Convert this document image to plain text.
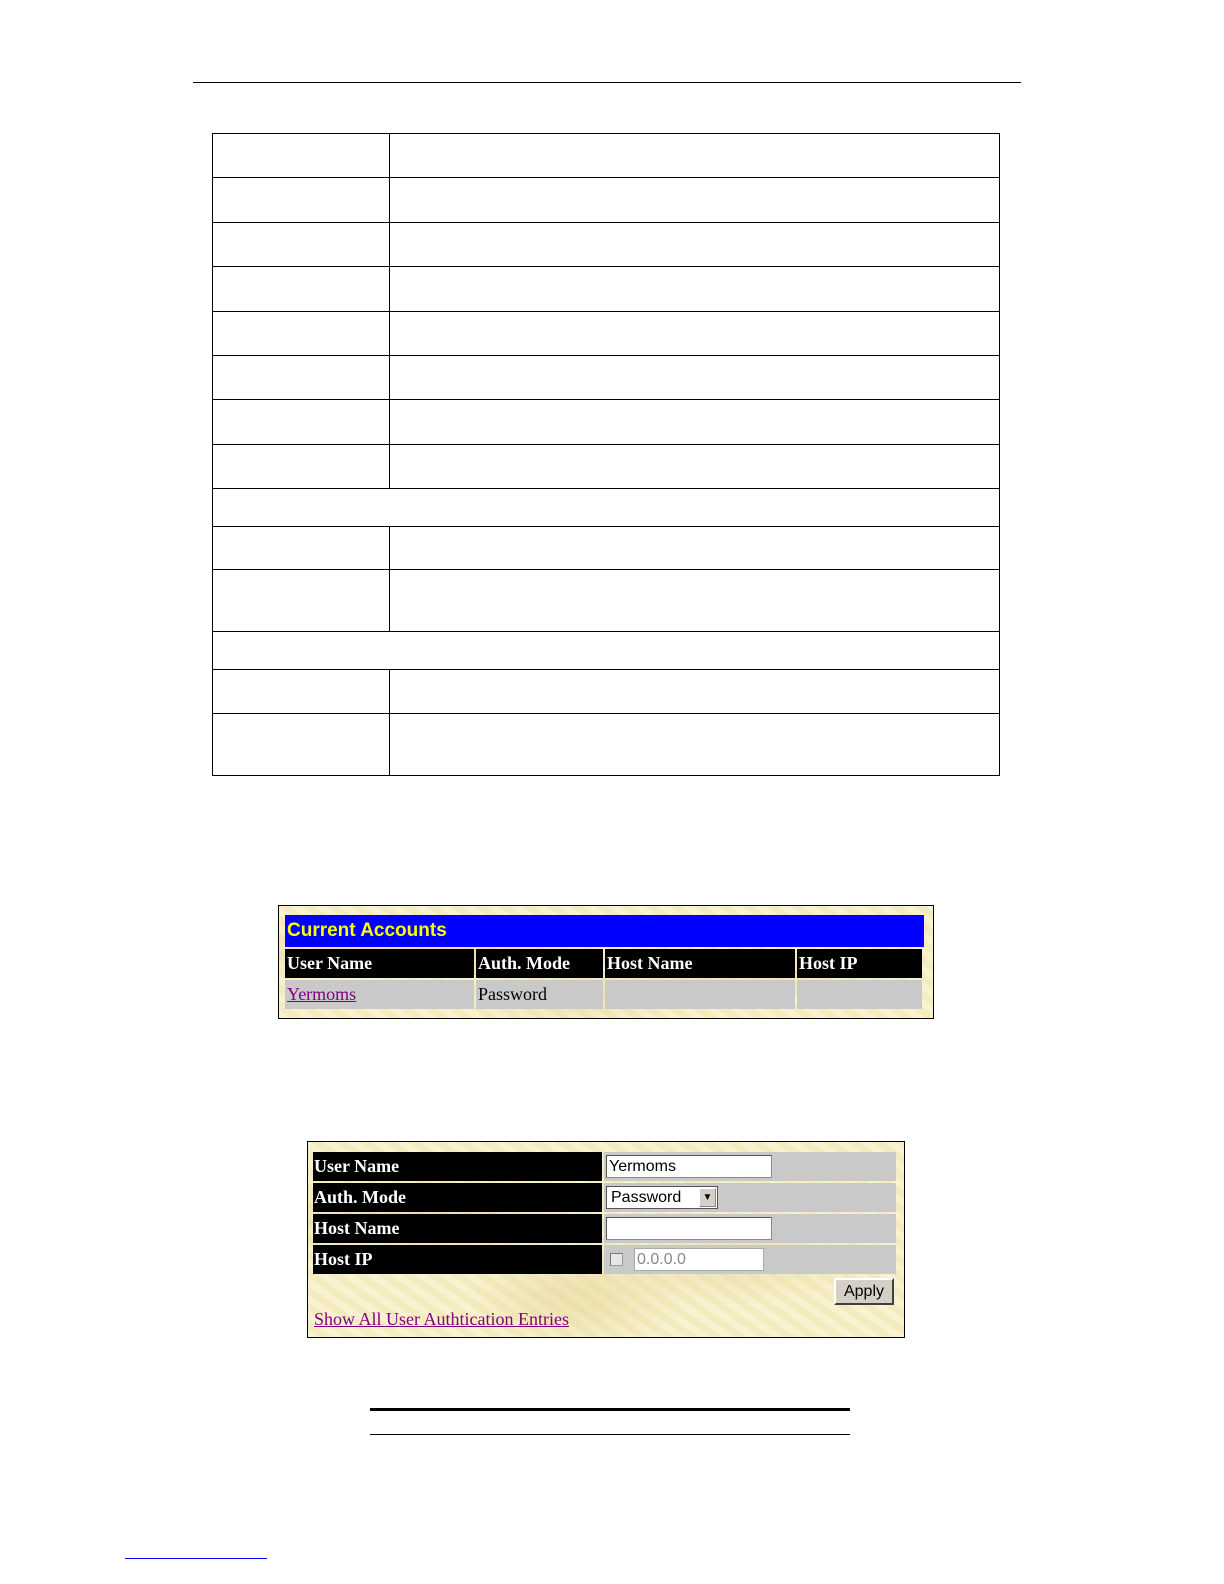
Current Accounts
User Name	Auth. Mode	Host Name	Host IP
Yermoms	Password
User Name	Yermoms
Auth. Mode	Password	▼
Host Name
Host IP	0.0.0.0
Apply
Show All User Authtication Entries
